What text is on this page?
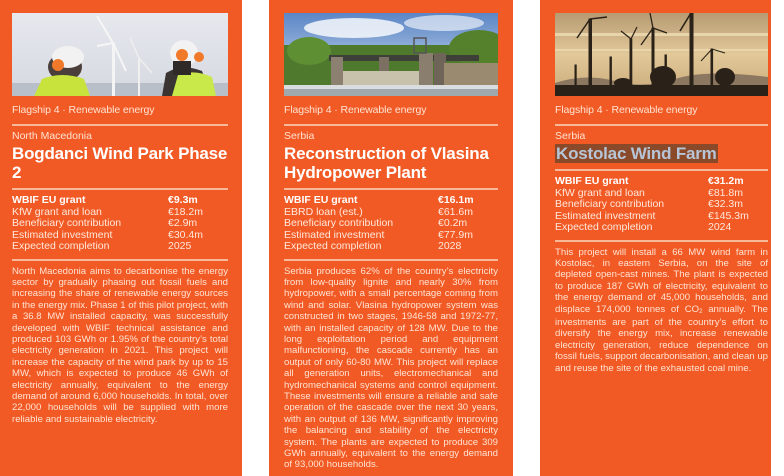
Flagship 4 · Renewable energy
North Macedonia
Bogdanci Wind Park Phase 2
WBIF EU grant	€9.3m
KfW grant and loan	€18.2m
Beneficiary contribution	€2.9m
Estimated investment	€30.4m
Expected completion	2025

North Macedonia aims to decarbonise the energy sector by gradually phasing out fossil fuels and increasing the share of renewable energy sources in the energy mix. Phase 1 of this pilot project, with a 36.8 MW installed capacity, was successfully developed with WBIF technical assistance and produced 103 GWh or 1.95% of the country’s total electricity generation in 2021. This project will increase the capacity of the wind park by up to 15 MW, which is expected to produce 46 GWh of electricity annually, equivalent to the energy demand of around 6,000 households. In total, over 22,000 households will be supplied with more reliable and sustainable electricity.

Flagship 4 · Renewable energy
Serbia
Reconstruction of Vlasina Hydropower Plant
WBIF EU grant	€16.1m
EBRD loan (est.)	€61.6m
Beneficiary contribution	€0.2m
Estimated investment	€77.9m
Expected completion	2028

Serbia produces 62% of the country’s electricity from low-quality lignite and nearly 30% from hydropower, with a small percentage coming from wind and solar. Vlasina hydropower system was constructed in two stages, 1946-58 and 1972-77, with an installed capacity of 128 MW. Due to the long exploitation period and equipment malfunctioning, the cascade currently has an output of only 60-80 MW. This project will replace all generation units, electromechanical and hydromechanical systems and control equipment. These investments will ensure a reliable and safe operation of the cascade over the next 30 years, with an output of 136 MW, significantly improving the balancing and stability of the electricity system. The plants are expected to produce 309 GWh annually, equivalent to the energy demand of 93,000 households.

Flagship 4 · Renewable energy
Serbia
Kostolac Wind Farm
WBIF EU grant	€31.2m
KfW grant and loan	€81.8m
Beneficiary contribution	€32.3m
Estimated investment	€145.3m
Expected completion	2024

This project will install a 66 MW wind farm in Kostolac, in eastern Serbia, on the site of depleted open-cast mines. The plant is expected to produce 187 GWh of electricity, equivalent to the energy demand of 45,000 households, and displace 174,000 tonnes of $CO_2$ annually. The investments are part of the country’s effort to diversify the energy mix, increase renewable electricity generation, reduce dependence on fossil fuels, support decarbonisation, and clean up and reuse the site of the exhausted coal mine.
